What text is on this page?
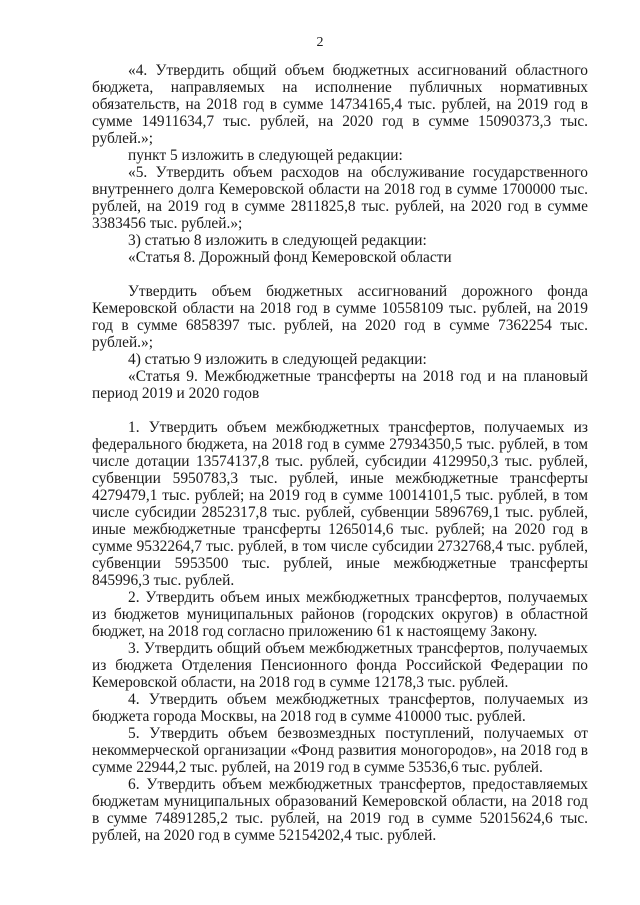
2

«4. Утвердить общий объем бюджетных ассигнований областного бюджета, направляемых на исполнение публичных нормативных обязательств, на 2018 год в сумме 14734165,4 тыс. рублей, на 2019 год в сумме 14911634,7 тыс. рублей, на 2020 год в сумме 15090373,3 тыс. рублей.»;

пункт 5 изложить в следующей редакции:

«5. Утвердить объем расходов на обслуживание государственного внутреннего долга Кемеровской области на 2018 год в сумме 1700000 тыс. рублей, на 2019 год в сумме 2811825,8 тыс. рублей, на 2020 год в сумме 3383456 тыс. рублей.»;

3) статью 8 изложить в следующей редакции:

«Статья 8. Дорожный фонд Кемеровской области

Утвердить объем бюджетных ассигнований дорожного фонда Кемеровской области на 2018 год в сумме 10558109 тыс. рублей, на 2019 год в сумме 6858397 тыс. рублей, на 2020 год в сумме 7362254 тыс. рублей.»;

4) статью 9 изложить в следующей редакции:

«Статья 9. Межбюджетные трансферты на 2018 год и на плановый период 2019 и 2020 годов

1. Утвердить объем межбюджетных трансфертов, получаемых из федерального бюджета, на 2018 год в сумме 27934350,5 тыс. рублей, в том числе дотации 13574137,8 тыс. рублей, субсидии 4129950,3 тыс. рублей, субвенции 5950783,3 тыс. рублей, иные межбюджетные трансферты 4279479,1 тыс. рублей; на 2019 год в сумме 10014101,5 тыс. рублей, в том числе субсидии 2852317,8 тыс. рублей, субвенции 5896769,1 тыс. рублей, иные межбюджетные трансферты 1265014,6 тыс. рублей; на 2020 год в сумме 9532264,7 тыс. рублей, в том числе субсидии 2732768,4 тыс. рублей, субвенции 5953500 тыс. рублей, иные межбюджетные трансферты 845996,3 тыс. рублей.

2. Утвердить объем иных межбюджетных трансфертов, получаемых из бюджетов муниципальных районов (городских округов) в областной бюджет, на 2018 год согласно приложению 61 к настоящему Закону.

3. Утвердить общий объем межбюджетных трансфертов, получаемых из бюджета Отделения Пенсионного фонда Российской Федерации по Кемеровской области, на 2018 год в сумме 12178,3 тыс. рублей.

4. Утвердить объем межбюджетных трансфертов, получаемых из бюджета города Москвы, на 2018 год в сумме 410000 тыс. рублей.

5. Утвердить объем безвозмездных поступлений, получаемых от некоммерческой организации «Фонд развития моногородов», на 2018 год в сумме 22944,2 тыс. рублей, на 2019 год в сумме 53536,6 тыс. рублей.

6. Утвердить объем межбюджетных трансфертов, предоставляемых бюджетам муниципальных образований Кемеровской области, на 2018 год в сумме 74891285,2 тыс. рублей, на 2019 год в сумме 52015624,6 тыс. рублей, на 2020 год в сумме 52154202,4 тыс. рублей.
